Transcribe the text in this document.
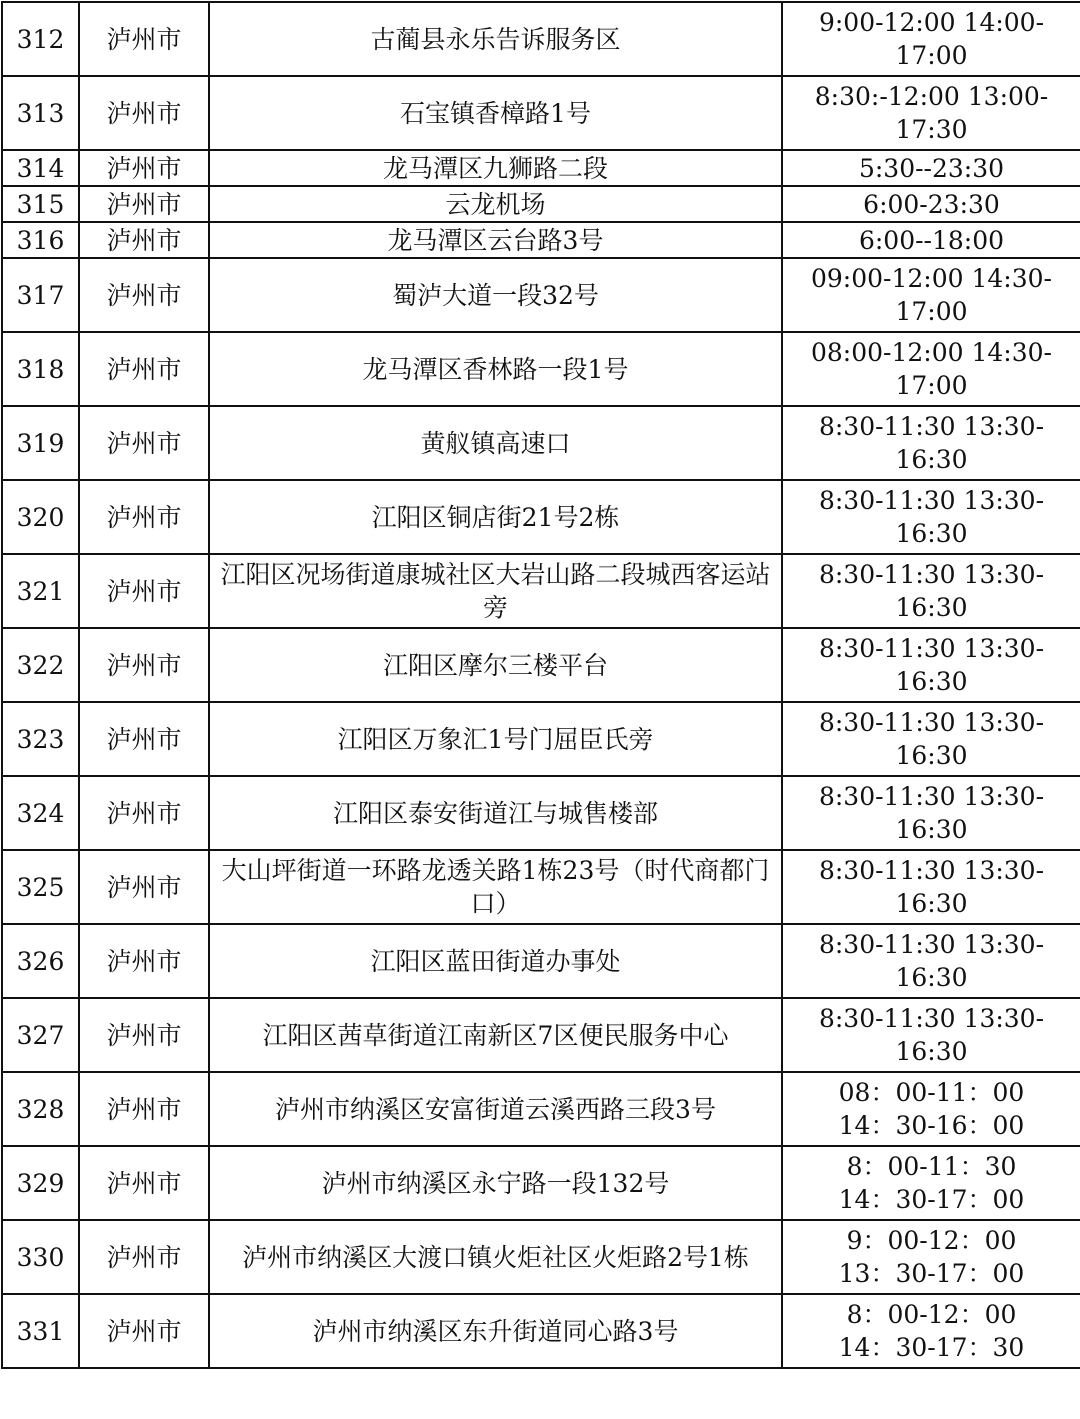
312	泸州市	古蔺县永乐告诉服务区	9:00-12:00 14:00-
17:00

313	泸州市	石宝镇香樟路1号	8:30:-12:00 13:00-
17:30

314	泸州市	龙马潭区九狮路二段	5:30--23:30

315	泸州市	云龙机场	6:00-23:30

316	泸州市	龙马潭区云台路3号	6:00--18:00

317	泸州市	蜀泸大道一段32号	09:00-12:00 14:30-
17:00

318	泸州市	龙马潭区香林路一段1号	08:00-12:00 14:30-
17:00

319	泸州市	黄舣镇高速口	8:30-11:30 13:30-
16:30

320	泸州市	江阳区铜店街21号2栋	8:30-11:30 13:30-
16:30

321	泸州市	江阳区况场街道康城社区大岩山路二段城西客运站旁	8:30-11:30 13:30-
16:30

322	泸州市	江阳区摩尔三楼平台	8:30-11:30 13:30-
16:30

323	泸州市	江阳区万象汇1号门屈臣氏旁	8:30-11:30 13:30-
16:30

324	泸州市	江阳区泰安街道江与城售楼部	8:30-11:30 13:30-
16:30

325	泸州市	大山坪街道一环路龙透关路1栋23号（时代商都门口）	8:30-11:30 13:30-
16:30

326	泸州市	江阳区蓝田街道办事处	8:30-11:30 13:30-
16:30

327	泸州市	江阳区茜草街道江南新区7区便民服务中心	8:30-11:30 13:30-
16:30

328	泸州市	泸州市纳溪区安富街道云溪西路三段3号	08：00-11：00
14：30-16：00

329	泸州市	泸州市纳溪区永宁路一段132号	8：00-11：30
14：30-17：00

330	泸州市	泸州市纳溪区大渡口镇火炬社区火炬路2号1栋	9：00-12：00
13：30-17：00

331	泸州市	泸州市纳溪区东升街道同心路3号	8：00-12：00
14：30-17：30
